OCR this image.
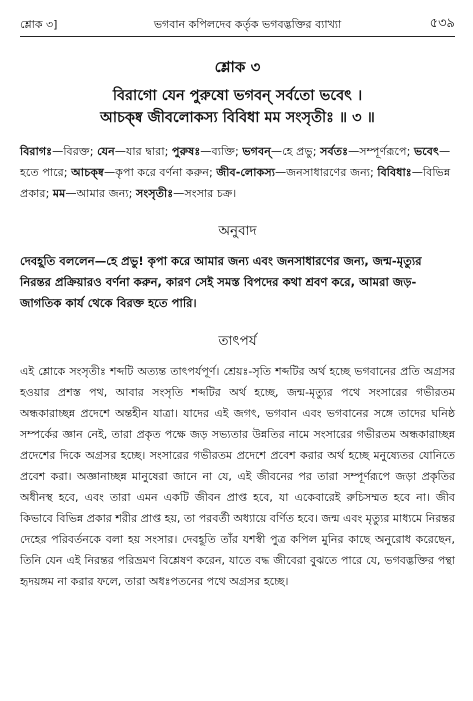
শ্লোক ৩]	ভগবান কপিলদেব কর্তৃক ভগবদ্ভক্তির ব্যাখ্যা	৫৩৯

শ্লোক ৩

বিরাগো যেন পুরুষো ভগবন্ সর্বতো ভবেৎ ।

আচক্ষ্ব জীবলোকস্য বিবিধা মম সংসৃতীঃ ॥ ৩ ॥

বিরাগঃ—বিরক্ত; যেন—যার দ্বারা; পুরুষঃ—ব্যক্তি; ভগবন্—হে প্রভু; সর্বতঃ—সম্পূর্ণরূপে; ভবেৎ—হতে পারে; আচক্ষ্ব—কৃপা করে বর্ণনা করুন; জীব-লোকস্য—জনসাধারণের জন্য; বিবিধাঃ—বিভিন্ন প্রকার; মম—আমার জন্য; সংসৃতীঃ—সংসার চক্র।

অনুবাদ

দেবহূতি বললেন—হে প্রভু! কৃপা করে আমার জন্য এবং জনসাধারণের জন্য, জন্ম-মৃত্যুর নিরন্তর প্রক্রিয়ারও বর্ণনা করুন, কারণ সেই সমস্ত বিপদের কথা শ্রবণ করে, আমরা জড়-জাগতিক কার্য থেকে বিরক্ত হতে পারি।

তাৎপর্য

এই শ্লোকে সংসৃতীঃ শব্দটি অত্যন্ত তাৎপর্যপূর্ণ। শ্রেয়ঃ-সৃতি শব্দটির অর্থ হচ্ছে ভগবানের প্রতি অগ্রসর হওয়ার প্রশস্ত পথ, আবার সংসৃতি শব্দটির অর্থ হচ্ছে, জন্ম-মৃত্যুর পথে সংসারের গভীরতম অন্ধকারাচ্ছন্ন প্রদেশে অন্তহীন যাত্রা। যাদের এই জগৎ, ভগবান এবং ভগবানের সঙ্গে তাদের ঘনিষ্ঠ সম্পর্কের জ্ঞান নেই, তারা প্রকৃত পক্ষে জড় সভ্যতার উন্নতির নামে সংসারের গভীরতম অন্ধকারাচ্ছন্ন প্রদেশের দিকে অগ্রসর হচ্ছে। সংসারের গভীরতম প্রদেশে প্রবেশ করার অর্থ হচ্ছে মনুষ্যেতর যোনিতে প্রবেশ করা। অজ্ঞানাচ্ছন্ন মানুষেরা জানে না যে, এই জীবনের পর তারা সম্পূর্ণরূপে জড়া প্রকৃতির অধীনস্থ হবে, এবং তারা এমন একটি জীবন প্রাপ্ত হবে, যা একেবারেই রুচিসম্মত হবে না। জীব কিভাবে বিভিন্ন প্রকার শরীর প্রাপ্ত হয়, তা পরবর্তী অধ্যায়ে বর্ণিত হবে। জন্ম এবং মৃত্যুর মাধ্যমে নিরন্তর দেহের পরিবর্তনকে বলা হয় সংসার। দেবহূতি তাঁর যশস্বী পুত্র কপিল মুনির কাছে অনুরোধ করেছেন, তিনি যেন এই নিরন্তর পরিভ্রমণ বিশ্লেষণ করেন, যাতে বদ্ধ জীবেরা বুঝতে পারে যে, ভগবদ্ভক্তির পন্থা হৃদয়ঙ্গম না করার ফলে, তারা অধঃপতনের পথে অগ্রসর হচ্ছে।
